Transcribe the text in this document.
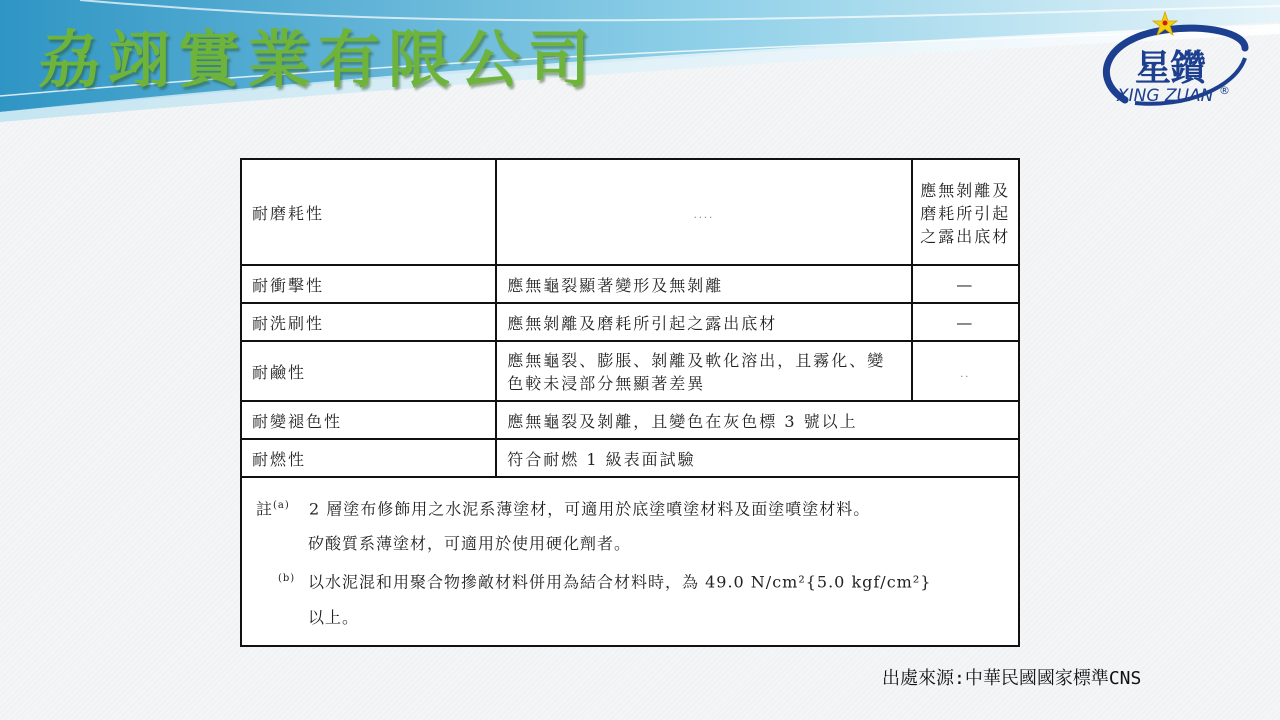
劦翊實業有限公司	星鑽
XING ZUAN ®
耐磨耗性	....	應無剝離及磨耗所引起之露出底材
耐衝擊性	應無龜裂顯著變形及無剝離	—
耐洗刷性	應無剝離及磨耗所引起之露出底材	—
耐鹼性	應無龜裂、膨脹、剝離及軟化溶出，且霧化、變色較未浸部分無顯著差異	..
耐變褪色性	應無龜裂及剝離，且變色在灰色標 3 號以上	
耐燃性	符合耐燃 1 級表面試驗	

註(a) 2 層塗布修飾用之水泥系薄塗材，可適用於底塗噴塗材料及面塗噴塗材料。

矽酸質系薄塗材，可適用於使用硬化劑者。

(b) 以水泥混和用聚合物摻敵材料併用為結合材料時，為 49.0 N/cm²{5.0 kgf/cm²}

以上。		

出處來源:中華民國國家標準CNS
